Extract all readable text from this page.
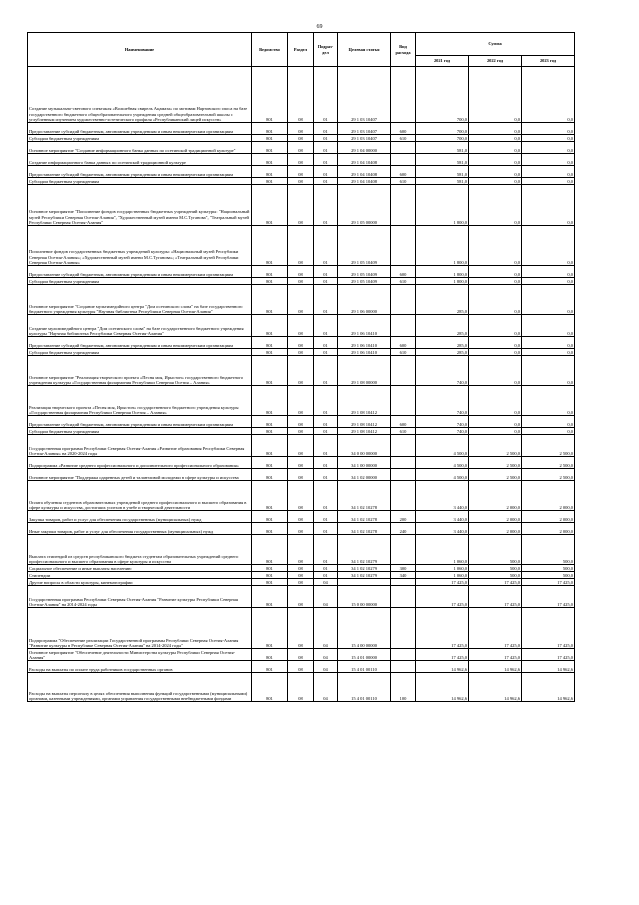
69
Наименование	Ведомство	Раздел	Подраз-дел	Целевая статья	Вид расхода	Сумма		
						2021 год	2022 год	2023 год
Создание музыкально-светового спектакля «Волшебная свирель Ацамаза» по мотивам Нартовского эпоса на базе государственного бюджетного общеобразовательного учреждения средней общеобразовательной школы с углубленным изучением художественно-эстетического профиля «Республиканский лицей искусств»	801	08	01	29 1 03 10407		700,0	0,0	0,0
Предоставление субсидий бюджетным, автономным учреждениям и иным некоммерческим организациям	801	08	01	29 1 03 10407	600	700,0	0,0	0,0
Субсидии бюджетным учреждениям	801	08	01	29 1 03 10407	610	700,0	0,0	0,0
Основное мероприятие "Создание информационного банка данных по осетинской традиционной культуре"	801	08	01	29 1 04 00000		581,0	0,0	0,0
Создание информационного банка данных по осетинской традиционной культуре	801	08	01	29 1 04 10408		581,0	0,0	0,0
Предоставление субсидий бюджетным, автономным учреждениям и иным некоммерческим организациям	801	08	01	29 1 04 10408	600	581,0	0,0	0,0
Субсидии бюджетным учреждениям	801	08	01	29 1 04 10408	610	581,0	0,0	0,0
Основное мероприятие "Пополнение фондов государственных бюджетных учреждений культуры: "Национальный музей Республики Северная Осетия-Алания", "Художественный музей имени М.С.Туганова", "Театральный музей Республики Северная Осетия-Алания"	801	08	01	29 1 05 00000		1 800,0	0,0	0,0
Пополнение фондов государственных бюджетных учреждений культуры: «Национальный музей Республики Северная Осетия-Алания»; «Художественный музей имени М.С.Туганова»; «Театральный музей Республики Северная Осетия-Алания»	801	08	01	29 1 05 10409		1 800,0	0,0	0,0
Предоставление субсидий бюджетным, автономным учреждениям и иным некоммерческим организациям	801	08	01	29 1 05 10409	600	1 800,0	0,0	0,0
Субсидии бюджетным учреждениям	801	08	01	29 1 05 10409	610	1 800,0	0,0	0,0
Основное мероприятие "Создание мультимедийного центра "Дом осетинского слова" на базе государственного бюджетного учреждения культуры "Научная библиотека Республики Северная Осетия-Алания"	801	08	01	29 1 06 00000		285,0	0,0	0,0
Создание мультимедийного центра "Дом осетинского слова" на базе государственного бюджетного учреждения культуры "Научная библиотека Республики Северная Осетия-Алания"	801	08	01	29 1 06 10410		285,0	0,0	0,0
Предоставление субсидий бюджетным, автономным учреждениям и иным некоммерческим организациям	801	08	01	29 1 06 10410	600	285,0	0,0	0,0
Субсидии бюджетным учреждениям	801	08	01	29 1 06 10410	610	285,0	0,0	0,0
Основное мероприятие "Реализация творческого проекта «Песня моя, Ирыстон» государственного бюджетного учреждения культуры «Государственная филармония Республики Северная Осетия – Алания»	801	08	01	29 1 08 00000		740,0	0,0	0,0
Реализация творческого проекта «Песня моя, Ирыстон» государственного бюджетного учреждения культуры «Государственная филармония Республики Северная Осетия – Алания»	801	08	01	29 1 08 10412		740,0	0,0	0,0
Предоставление субсидий бюджетным, автономным учреждениям и иным некоммерческим организациям	801	08	01	29 1 08 10412	600	740,0	0,0	0,0
Субсидии бюджетным учреждениям	801	08	01	29 1 08 10412	610	740,0	0,0	0,0
Государственная программа Республики Северная Осетия-Алания «Развитие образования Республики Северная Осетия-Алания» на 2020-2024 годы	801	08	01	34 0 00 00000		4 500,0	2 500,0	2 500,0
Подпрограмма «Развитие среднего профессионального и дополнительного профессионального образования»	801	08	01	34 1 00 00000		4 500,0	2 500,0	2 500,0
Основное мероприятие "Поддержка одаренных детей и талантливой молодежи в сфере культуры и искусства	801	08	01	34 1 02 00000		4 500,0	2 500,0	2 500,0
Оплата обучения студентов образовательных учреждений среднего профессионального и высшего образования в сфере культуры и искусства, достигших успехов в учебе и творческой деятельности	801	08	01	34 1 02 10278		3 440,0	2 000,0	2 000,0
Закупка товаров, работ и услуг для обеспечения государственных (муниципальных) нужд	801	08	01	34 1 02 10278	200	3 440,0	2 000,0	2 000,0
Иные закупки товаров, работ и услуг для обеспечения государственных (муниципальных) нужд	801	08	01	34 1 02 10278	240	3 440,0	2 000,0	2 000,0
Выплата стипендий из средств республиканского бюджета студентам образовательных учреждений среднего профессионального и высшего образования в сфере культуры и искусства	801	08	01	34 1 02 10279		1 060,0	500,0	500,0
Социальное обеспечение и иные выплаты населению	801	08	01	34 1 02 10279	300	1 060,0	500,0	500,0
Стипендии	801	08	01	34 1 02 10279	340	1 060,0	500,0	500,0
Другие вопросы в области культуры, кинематографии	801	08	04			17 425,0	17 425,0	17 425,0
Государственная программа Республики Северная Осетия-Алания "Развитие культуры Республики Северная Осетия-Алания" на 2014-2024 годы	801	08	04	15 0 00 00000		17 425,0	17 425,0	17 425,0
Подпрограмма "Обеспечение реализации Государственной программы Республики Северная Осетия-Алания "Развитие культуры в Республике Северная Осетия-Алания" на 2014-2024 годы"	801	08	04	15 4 00 00000		17 425,0	17 425,0	17 425,0
Основное мероприятие "Обеспечение деятельности Министерства культуры Республики Северная Осетия-Алания"	801	08	04	15 4 01 00000		17 425,0	17 425,0	17 425,0
Расходы на выплаты по оплате труда работников государственных органов	801	08	04	15 4 01 00110		14 962,6	14 962,6	14 962,6
Расходы на выплаты персоналу в целях обеспечения выполнения функций государственными (муниципальными) органами, казенными учреждениями, органами управления государственными внебюджетными фондами	801	08	04	15 4 01 00110	100	14 962,6	14 962,6	14 962,6
